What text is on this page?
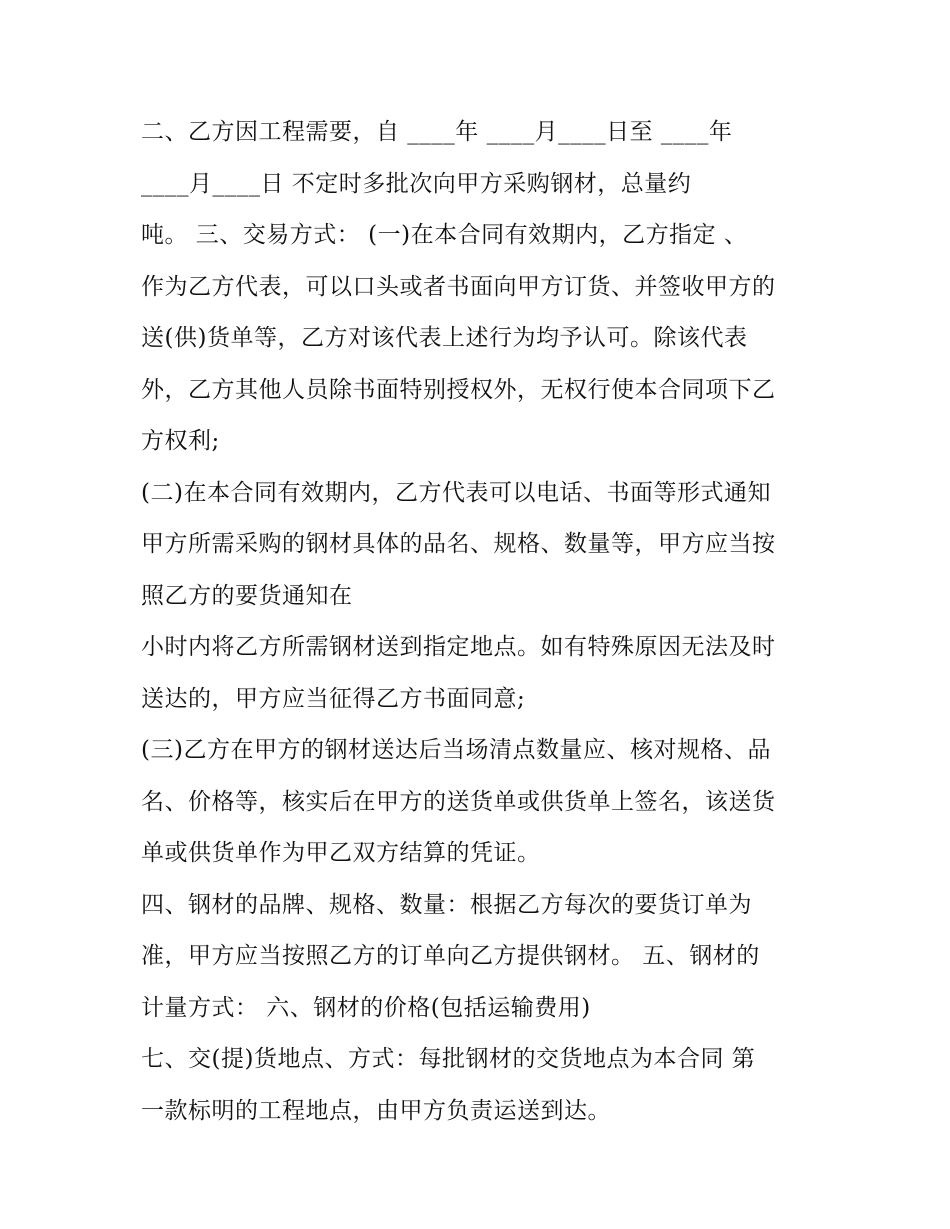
二、乙方因工程需要，自 ____年 ____月____日至 ____年
____月____日 不定时多批次向甲方采购钢材，总量约
吨。 三、交易方式： (一)在本合同有效期内，乙方指定 、
作为乙方代表，可以口头或者书面向甲方订货、并签收甲方的
送(供)货单等，乙方对该代表上述行为均予认可。除该代表
外，乙方其他人员除书面特别授权外，无权行使本合同项下乙
方权利;
(二)在本合同有效期内，乙方代表可以电话、书面等形式通知
甲方所需采购的钢材具体的品名、规格、数量等，甲方应当按
照乙方的要货通知在
小时内将乙方所需钢材送到指定地点。如有特殊原因无法及时
送达的，甲方应当征得乙方书面同意;
(三)乙方在甲方的钢材送达后当场清点数量应、核对规格、品
名、价格等，核实后在甲方的送货单或供货单上签名，该送货
单或供货单作为甲乙双方结算的凭证。
四、钢材的品牌、规格、数量：根据乙方每次的要货订单为
准，甲方应当按照乙方的订单向乙方提供钢材。 五、钢材的
计量方式： 六、钢材的价格(包括运输费用)
七、交(提)货地点、方式：每批钢材的交货地点为本合同 第
一款标明的工程地点，由甲方负责运送到达。
